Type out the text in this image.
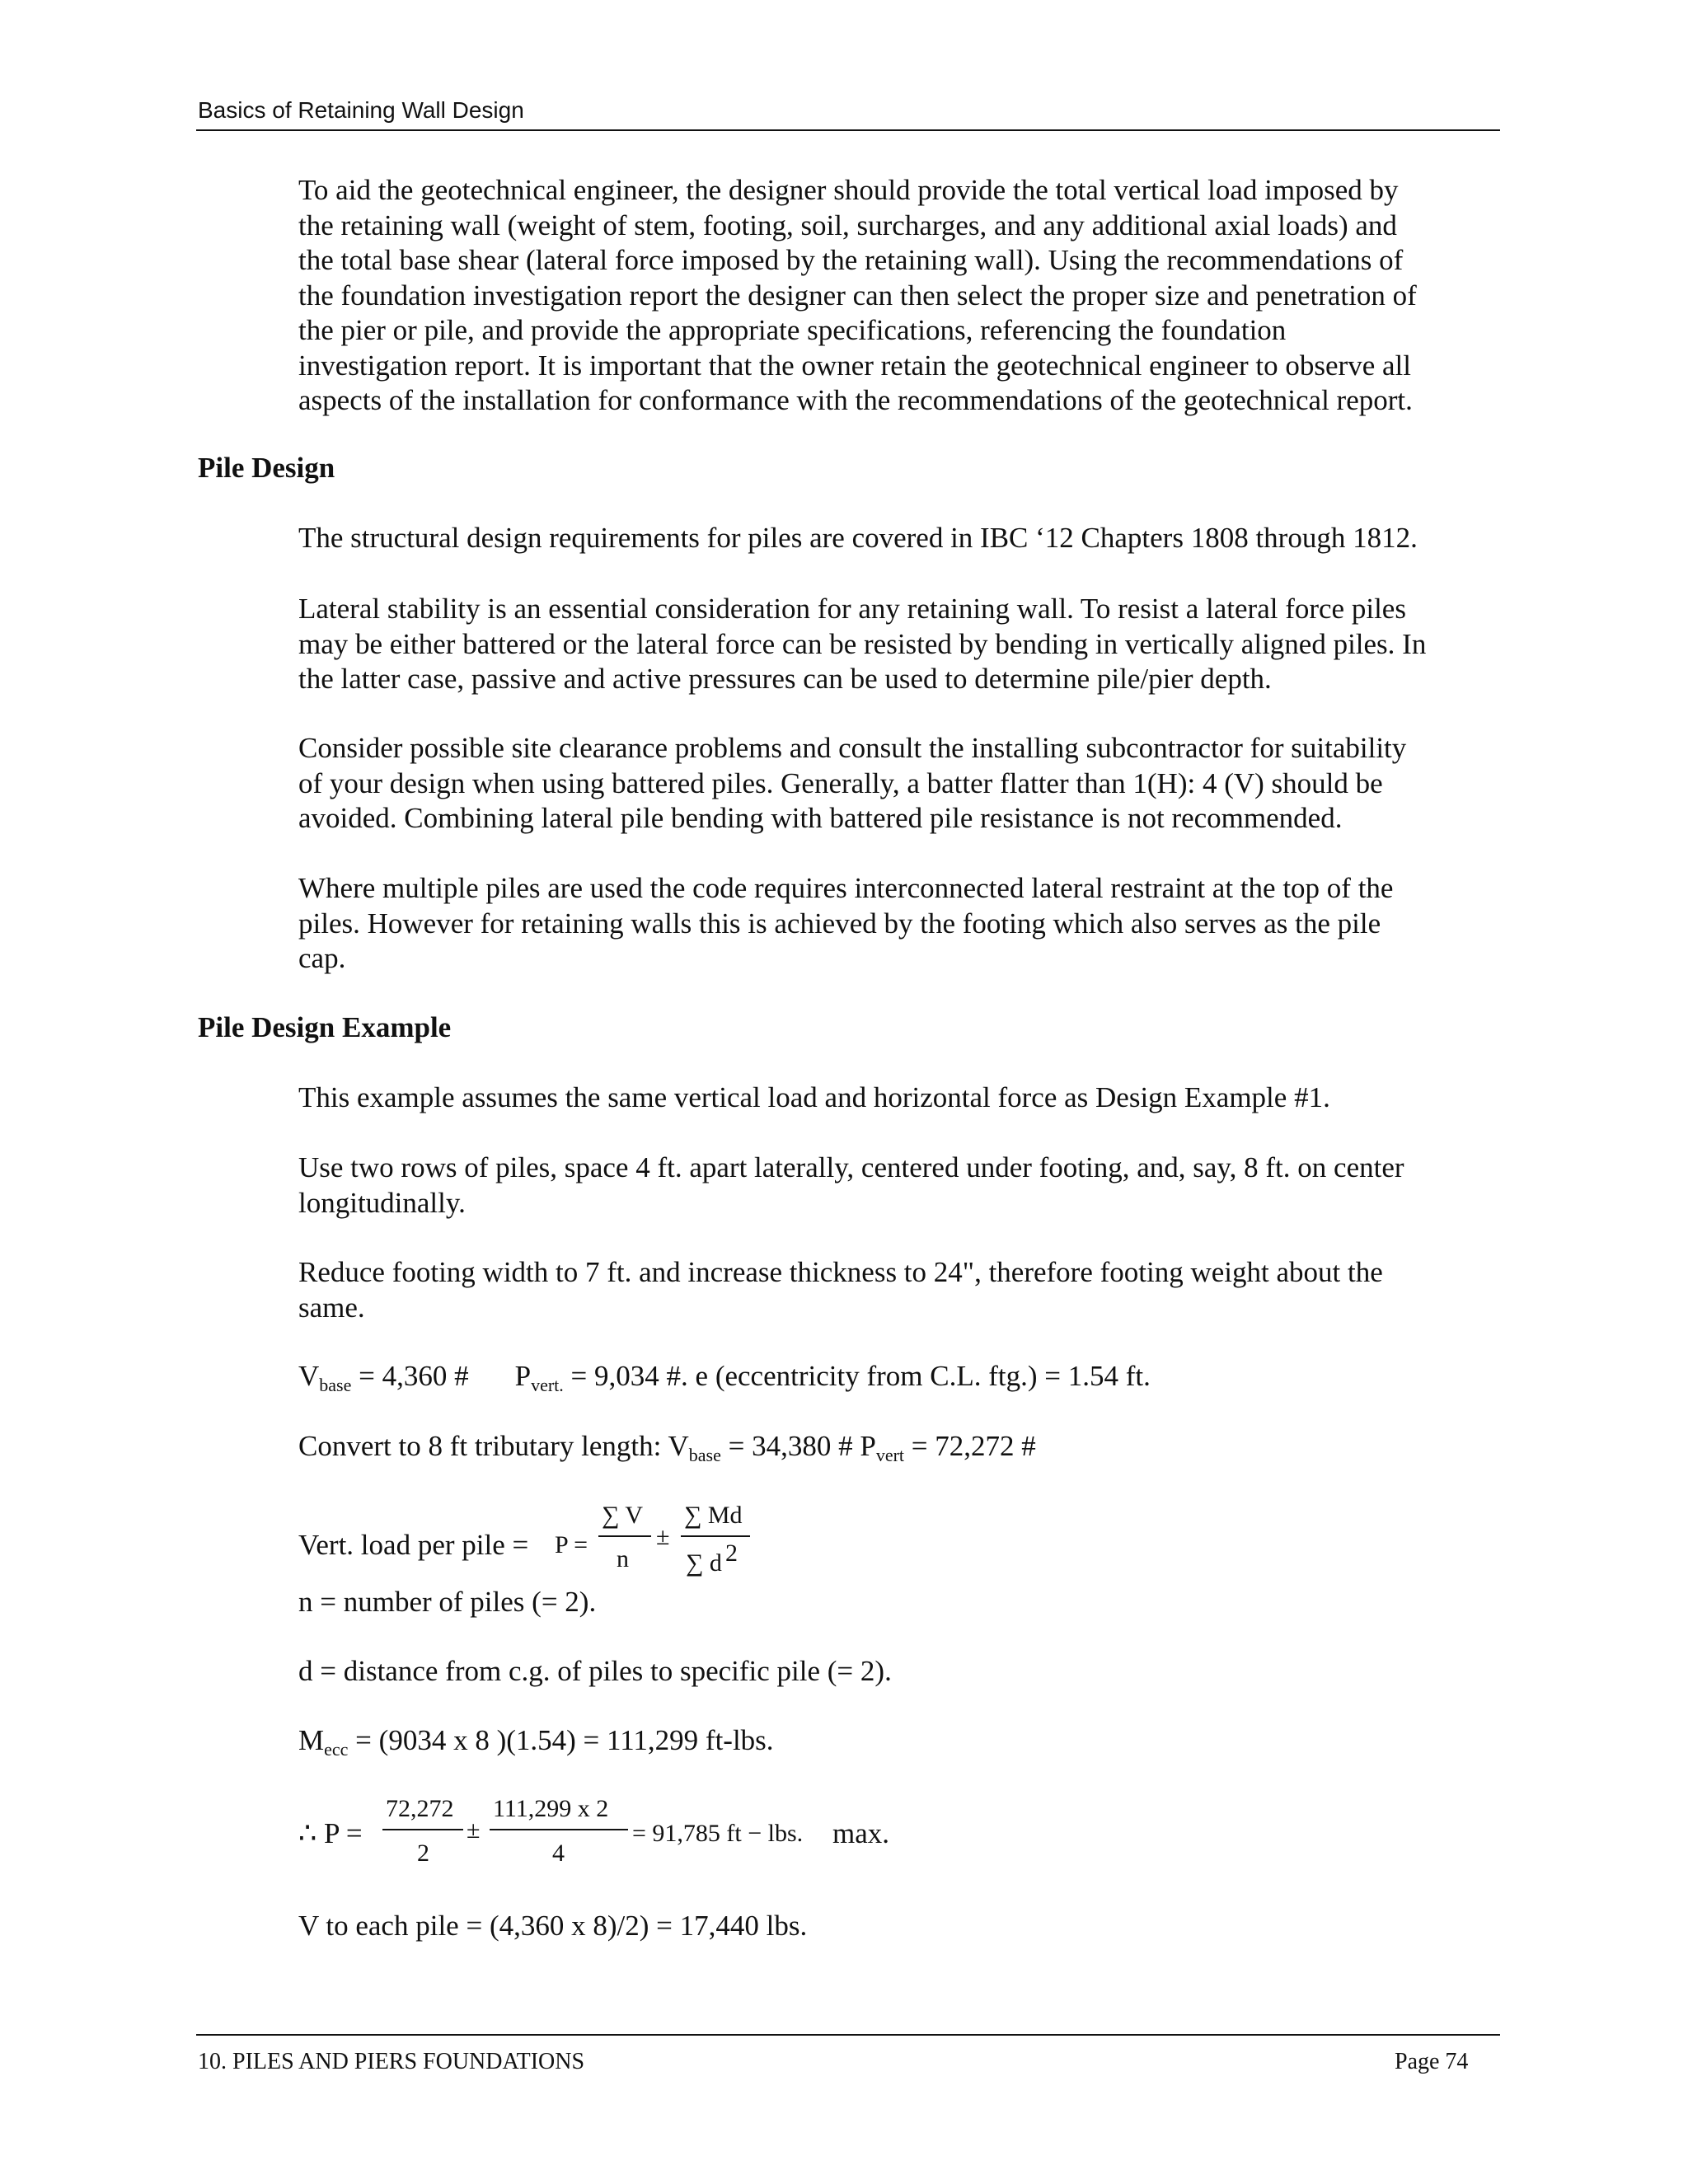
Basics of Retaining Wall Design
To aid the geotechnical engineer, the designer should provide the total vertical load imposed by
the retaining wall (weight of stem, footing, soil, surcharges, and any additional axial loads) and
the total base shear (lateral force imposed by the retaining wall). Using the recommendations of
the foundation investigation report the designer can then select the proper size and penetration of
the pier or pile, and provide the appropriate specifications, referencing the foundation
investigation report. It is important that the owner retain the geotechnical engineer to observe all
aspects of the installation for conformance with the recommendations of the geotechnical report.
Pile Design
The structural design requirements for piles are covered in IBC ‘12 Chapters 1808 through 1812.
Lateral stability is an essential consideration for any retaining wall. To resist a lateral force piles
may be either battered or the lateral force can be resisted by bending in vertically aligned piles. In
the latter case, passive and active pressures can be used to determine pile/pier depth.
Consider possible site clearance problems and consult the installing subcontractor for suitability
of your design when using battered piles. Generally, a batter flatter than 1(H): 4 (V) should be
avoided. Combining lateral pile bending with battered pile resistance is not recommended.
Where multiple piles are used the code requires interconnected lateral restraint at the top of the
piles. However for retaining walls this is achieved by the footing which also serves as the pile
cap.
Pile Design Example
This example assumes the same vertical load and horizontal force as Design Example #1.
Use two rows of piles, space 4 ft. apart laterally, centered under footing, and, say, 8 ft. on center
longitudinally.
Reduce footing width to 7 ft. and increase thickness to 24", therefore footing weight about the
same.
$V_{base} = 4,360$ # $P_{vert.} = 9,034$ #. e (eccentricity from C.L. ftg.) = 1.54 ft.
Convert to 8 ft tributary length: $V_{base} = 34,380$ # $P_{vert} = 72,272$ #
Vert. load per pile = P =
∑ V
n
±
∑ Md
∑ d 2
n = number of piles (= 2).
d = distance from c.g. of piles to specific pile (= 2).
$M_{ecc} = (9034$ x 8 )(1.54) = 111,299 ft-lbs.
∴ P =
72,272
2
±
111,299 x 2
4
= 91,785 ft − lbs. max.
V to each pile = (4,360 x 8)/2) = 17,440 lbs.
10. PILES AND PIERS FOUNDATIONS	Page 74
